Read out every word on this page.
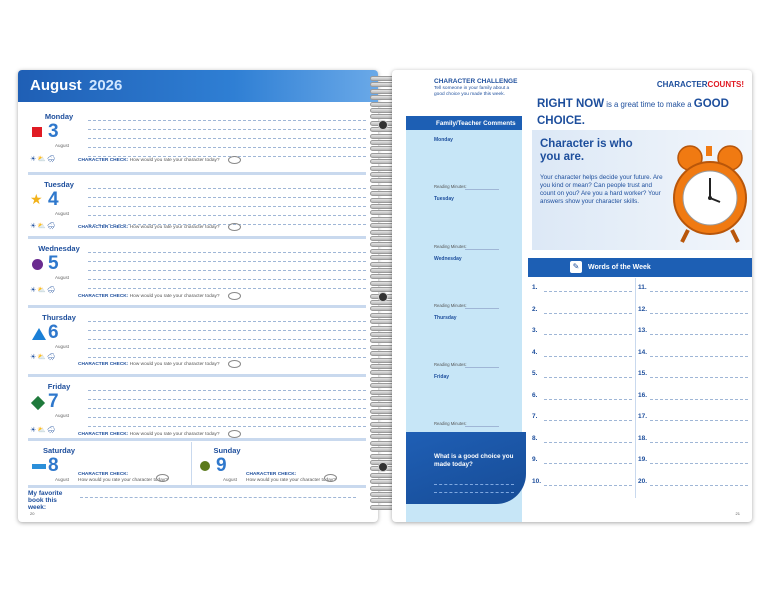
August 2026
Monday
3
August
☀⛅🌧	CHARACTER CHECK: How would you rate your character today?
★
Tuesday
4
August
☀⛅🌧	CHARACTER CHECK: How would you rate your character today?
Wednesday
5
August
☀⛅🌧
CHARACTER CHECK: How would you rate your character today?
Thursday
6
August
☀⛅🌧
CHARACTER CHECK: How would you rate your character today?
Friday
7
August
☀⛅🌧
CHARACTER CHECK: How would you rate your character today?
Saturday
8
August
CHARACTER CHECK:
How would you rate your character today?
Sunday
9
August
CHARACTER CHECK:
How would you rate your character today?
My favorite book this week:
20
CHARACTER CHALLENGE
Tell someone in your family about a good choice you made this week.
Family/Teacher Comments
Monday
Reading Minutes:
Tuesday
Reading Minutes:
Wednesday
Reading Minutes:
Thursday
Reading Minutes:
Friday
Reading Minutes:
What is a good choice you made today?
CHARACTERCOUNTS!
RIGHT NOW is a great time to make a GOOD CHOICE.
Character is who you are.
Your character helps decide your future. Are you kind or mean? Can people trust and count on you? Are you a hard worker? Your answers show your character skills.
✎	Words of the Week
1.
2.
3.
4.
5.
6.
7.
8.
9.
10.
11.
12.
13.
14.
15.
16.
17.
18.
19.
20.
21
